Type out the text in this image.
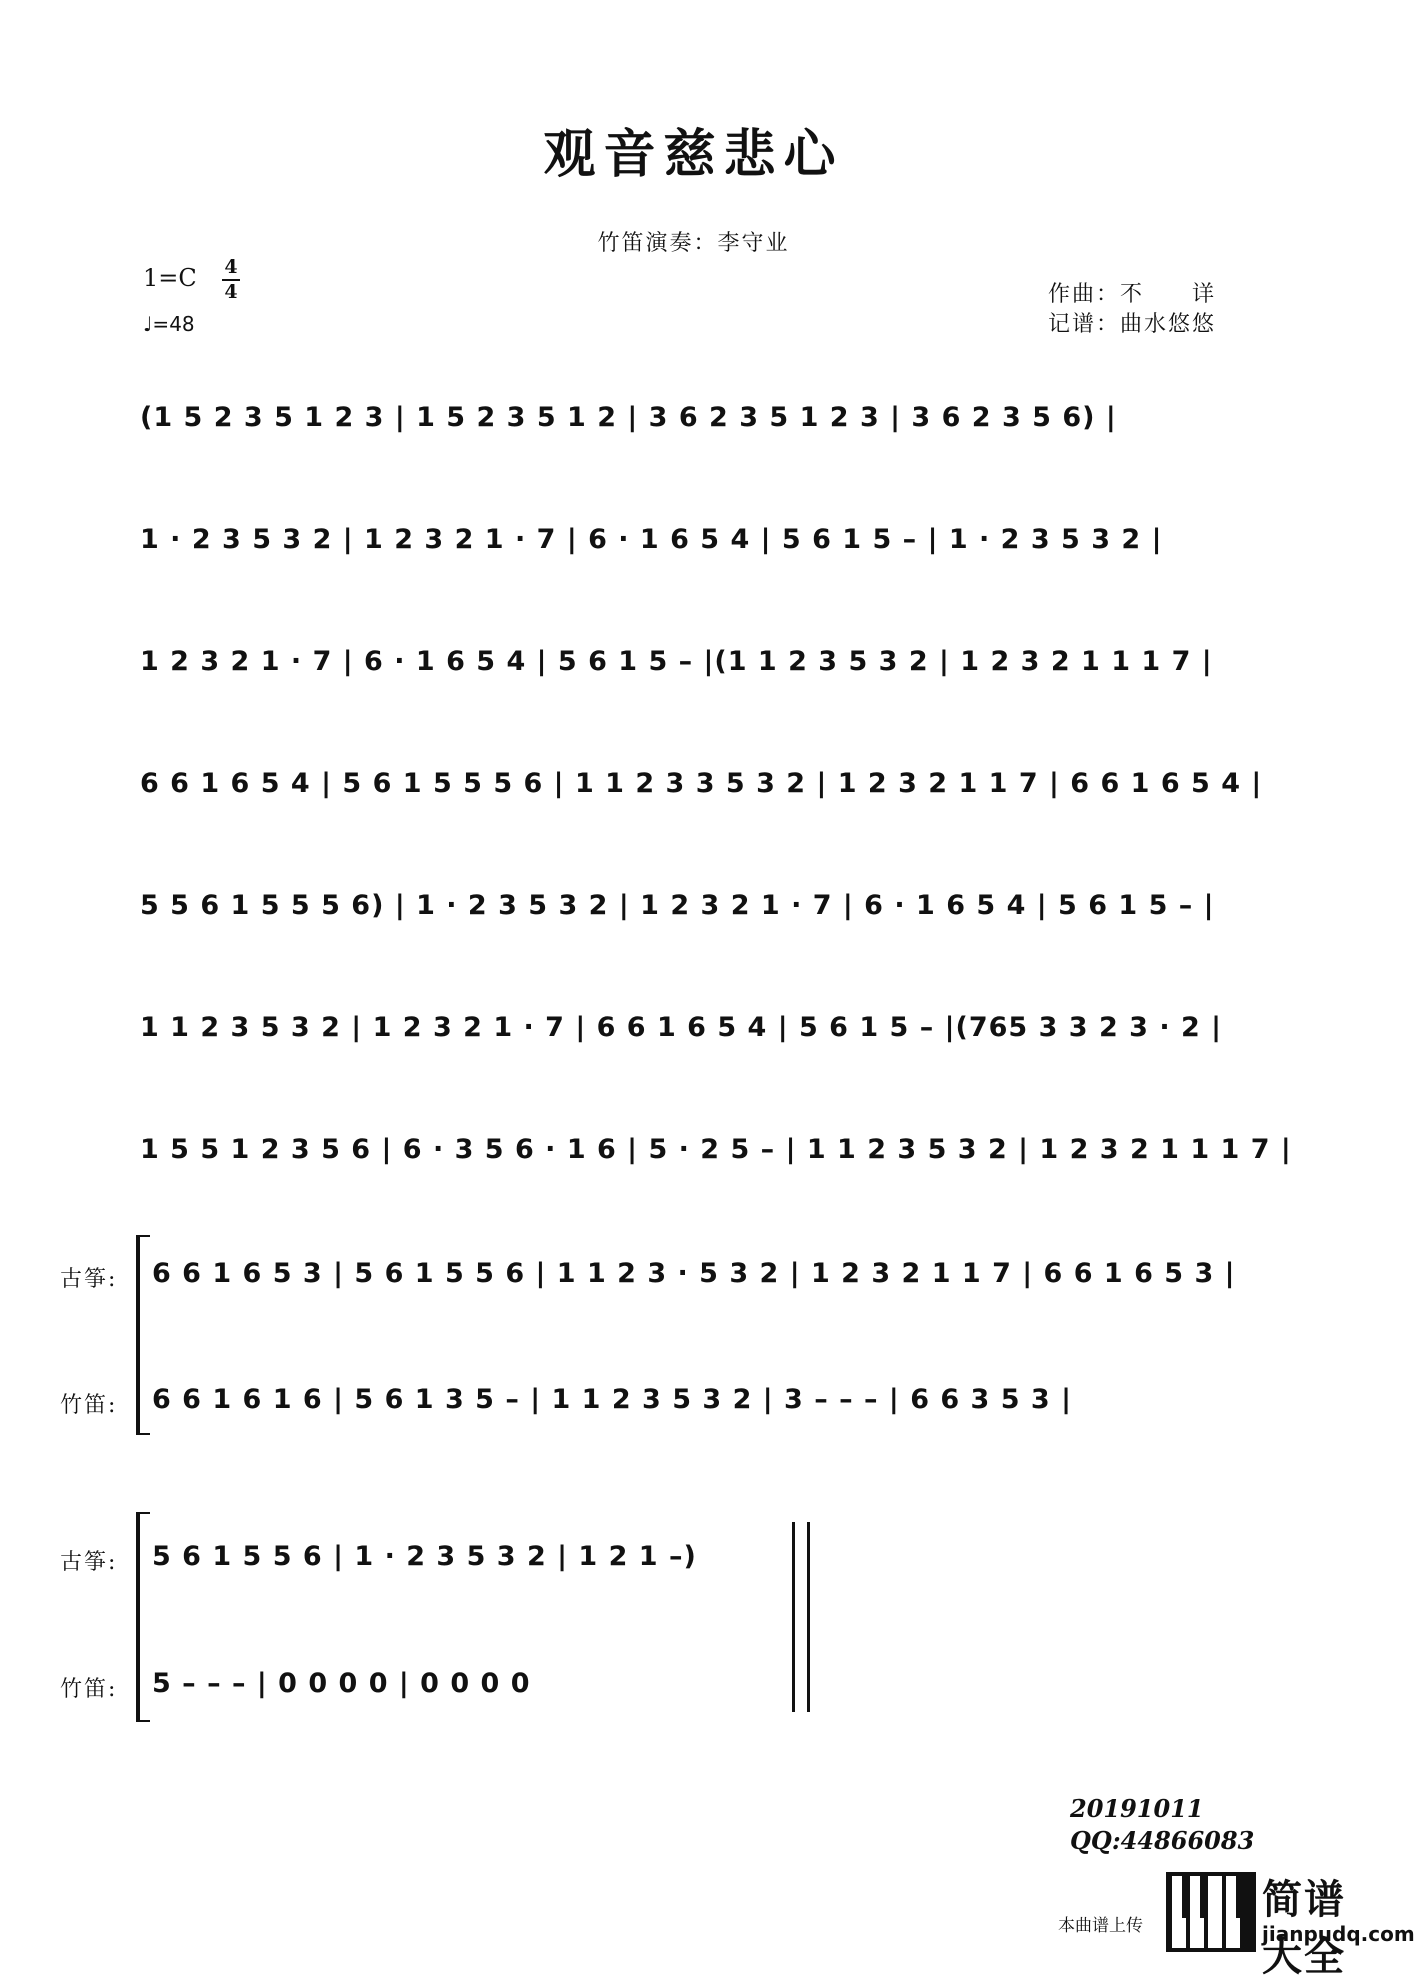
观音慈悲心
竹笛演奏：李守业
1=C 4
4
♩=48
作曲：不　　详
记谱：曲水悠悠
(1 5 2 3 5 1 2 3 | 1 5 2 3 5 1 2 | 3 6 2 3 5 1 2 3 | 3 6 2 3 5 6) |
1 · 2 3 5 3 2 | 1 2 3 2 1 · 7 | 6 · 1 6 5 4 | 5 6 1 5 – | 1 · 2 3 5 3 2 |
1 2 3 2 1 · 7 | 6 · 1 6 5 4 | 5 6 1 5 – |(1 1 2 3 5 3 2 | 1 2 3 2 1 1 1 7 |
6 6 1 6 5 4 | 5 6 1 5 5 5 6 | 1 1 2 3 3 5 3 2 | 1 2 3 2 1 1 7 | 6 6 1 6 5 4 |
5 5 6 1 5 5 5 6) | 1 · 2 3 5 3 2 | 1 2 3 2 1 · 7 | 6 · 1 6 5 4 | 5 6 1 5 – |
1 1 2 3 5 3 2 | 1 2 3 2 1 · 7 | 6 6 1 6 5 4 | 5 6 1 5 – |(765 3 3 2 3 · 2 |
1 5 5 1 2 3 5 6 | 6 · 3 5 6 · 1 6 | 5 · 2 5 – | 1 1 2 3 5 3 2 | 1 2 3 2 1 1 1 7 |
古筝: 6 6 1 6 5 3 | 5 6 1 5 5 6 | 1 1 2 3 · 5 3 2 | 1 2 3 2 1 1 7 | 6 6 1 6 5 3 |
竹笛: 6 6 1 6 1 6 | 5 6 1 3 5 – | 1 1 2 3 5 3 2 | 3 – – – | 6 6 3 5 3 |
古筝: 5 6 1 5 5 6 | 1 · 2 3 5 3 2 | 1 2 1 –)
竹笛: 5 – – – | 0 0 0 0 | 0 0 0 0
20191011
QQ:44866083
本曲谱上传
简谱大全
jianpudq.com
